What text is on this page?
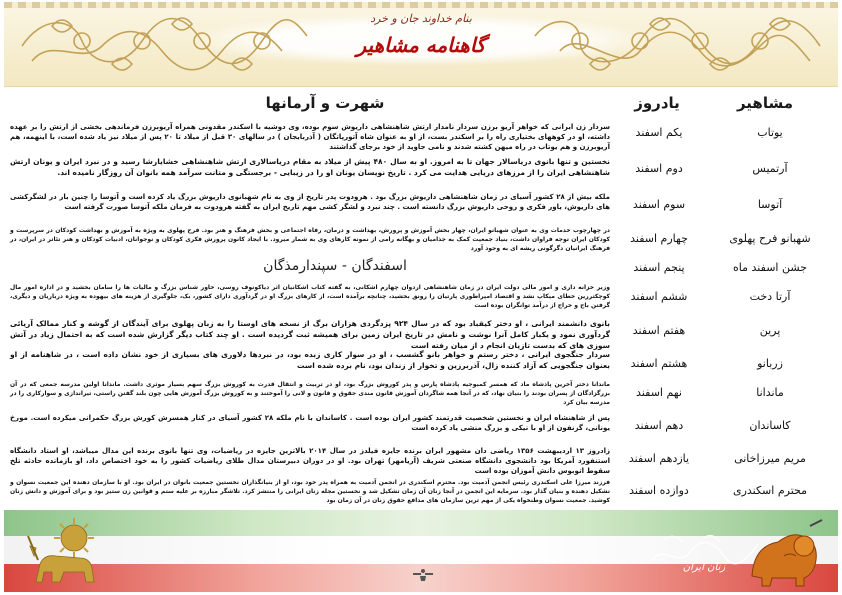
بنام خداوند جان و خرد
گاهنامه مشاهیر
مشاهیر
یادروز
شهرت و آرمانها
یوتاب
یکم اسفند
سردار زن ایرانی که خواهر آریو برزن سردار نامدار ارتش شاهنشاهی داریوش سوم بوده، وی دوشیه با اسکندر مقدونی همراه آریوبرزن فرماندهی بخشی از ارتش را بر عهده داشته، او در کوههای بختیاری راه را بر اسکندر بست، از او به عنوان شاه آتورپاتگان ( آذربایجان ) در سالهای ۳۰ قبل از میلاد تا ۲۰ پس از میلاد نیز یاد شده است، با اینهمه، هم آریوبرزن و هم یوتاب در راه میهن کشته شدند و نامی جاوید از خود برجای گذاشتند
آرتمیس
دوم اسفند
نخستین و تنها بانوی دریاسالار جهان تا به امروز. او به سال ۴۸۰ پیش از میلاد به مقام دریاسالاری ارتش شاهنشاهی خشایارشا رسید و در نبرد ایران و یونان ارتش شاهنشاهی ایران را از مرزهای دریایی هدایت می کرد . تاریخ نویسان یونان او را در زیبایی - برجستگی و متانت سرآمد همه بانوان آن روزگار نامیده اند.
آتوسا
سوم اسفند
ملکه بیش از ۲۸ کشور آسیای در زمان شاهنشاهی داریوش بزرگ بود . هرودوت پدر تاریخ از وی به نام شهبانوی داریوش بزرگ یاد کرده است و آتوسا را چنین بار در لشگرکشی های داریوش، یاور فکری و روحی داریوش بزرگ دانسته است . چند نبرد و لشگر کشی مهم تاریخ ایران به گفته هرودوت به فرمان ملکه آتوسا صورت گرفته است
شهبانو فرح پهلوی
چهارم اسفند
در چهارچوب خدمات وی به عنوان شهبانو ایران، چهار بخش آموزش و پرورش، بهداشت و درمان، رفاه اجتماعی و بخش فرهنگ و هنر بود. فرح پهلوی به ویژه به آموزش و بهداشت کودکان در سرپرست و کودکان ایران توجه فراوان داشت، بنیاد جمعیت کمک به جذامیان و بهگانه رامی از نمونه کارهای وی به شمار میرود. با ایجاد کانون پرورش فکری کودکان و نوجوانان، ادبیات کودکان و هنر تئاتر در ایران، در فرهنگ ایرانیان دگرگونی ریشه ای به وجود آورد
جشن اسفند ماه
پنجم اسفند
اسفندگان - سپندارمذگان
آرتا دخت
ششم اسفند
وزیر خزانه داری و امور مالی دولت ایران در زمان شاهنشاهی اردوان چهارم اشکانی، به گفته کتاب اشکانیان اثر دیاکونوف روسی، خاور شناس بزرگ و مالیات ها را سامان بخشید و در اداره امور مال کوچکتررین خطای میکاپ نشد و اقتصاد امپراطوری پارتیان را رونق بخشید، چنانچه برآمده است، از کارهای بزرگ او در گردآوری دارای کشور، بک، جلوگیری از هزینه های بیهوده به ویژه درباریان و دیگری، گرفتن باج و خراج از درآمد توانگران بوده است
پرین
هفتم اسفند
بانوی دانشمند ایرانی ، او دختر کیقباد بود که در سال ۹۲۴ پزدگردی هزاران برگ از نسخه های اوستا را به زبان پهلوی برای آیندگان از گوشه و کنار ممالک آریائی گردآوری نمود و یکبار کامل آنرا نوشت و نامش در تاریخ ایران زمین برای همیشه ثبت گردیده است . او چند کتاب دیگر گزارش شده است که به احتمال زیاد در آتش سوزی های که بدست تازیان انجام د از میان رفته است
زربانو
هشتم اسفند
سردار جنگجوی ایرانی ، دختر رستم و خواهر بانو گشسب ، او در سوار کاری زبده بود، در نبردها دلاوری های بسیاری از خود نشان داده است ، در شاهنامه از او بعنوان جنگجویی که آزاد کننده زال، آذربرزین و تخوار از زندان بود، نام برده شده است
ماندانا
نهم اسفند
ماندانا دختر آخرین پادشاه ماد که همسر کمبوجیه پادشاه پارس و پدر کوروش بزرگ بود، او در تربیت و انتقال قدرت به کوروش بزرگ سهم بسیار موثری داشت. ماندانا اولین مدرسه جمعی که در آن بزرگزادگان از پسران بودند را بنیان نهاد، که در آنجا همه شاگردان آموزش قانون مندی حقوق و قانون و لانی را آموختند و به کوروش بزرگ آموزش هایی چون بلند گفتن راستی، تیراندازی و سوارکاری را در مدرسه بیان کرد
کاساندان
دهم اسفند
پس از شاهنشاه ایران و نخستین شخصیت قدرتمند کشور ایران بوده است . کاساندان با نام ملکه ۲۸ کشور آسیای در کنار همسرش کورش بزرگ حکمرانی میکرده است. مورخ یونانی، گزنفون از او با نیکی و بزرگ منشی یاد کرده است
مریم میرزاخانی
یازدهم اسفند
زادروز ۱۳ اردیبهشت ۱۳۵۶ ریاضی دان مشهور ایران برنده جایزه فیلدز در سال ۲۰۱۴ بالاترین جایزه در ریاضیات، وی تنها بانوی برنده این مدال میباشد، او استاد دانشگاه استنفورد آمریکا بود دانشجوی دانشگاه صنعتی شریف (آریامهر) تهران بود. او در دوران دبیرستان مدال طلای ریاضیات کشور را به خود اختصاص داد، او بازمانده حادثه تلخ سقوط اتوبوس دانش آموزان بوده است
محترم اسکندری
دوازده اسفند
فرزند میرزا علی اسکندری رئیس انجمن آدمیت بود. محترم اسکندری در انجمن آدمیت به همراه پدر خود بود، او از بنیانگذاران نخستین جمعیت بانوان در ایران بود. او با سازمان دهنده این جمعیت نسوان و تشکیل دهنده و بنیان گذار بود. سرمایه این انجمن در آنجا زنان آن زمان تشکیل شد و نخستین مجله زنان ایرانی را منتشر کرد. تلاشگر مبارزه بر علیه ستم و قوانین زن ستیز بود و برای آموزش و دانش زنان کوشید. جمعیت نسوان وطنخواه یکی از مهم ترین سازمان های مدافع حقوق زنان در آن زمان بود
زنان ایران
